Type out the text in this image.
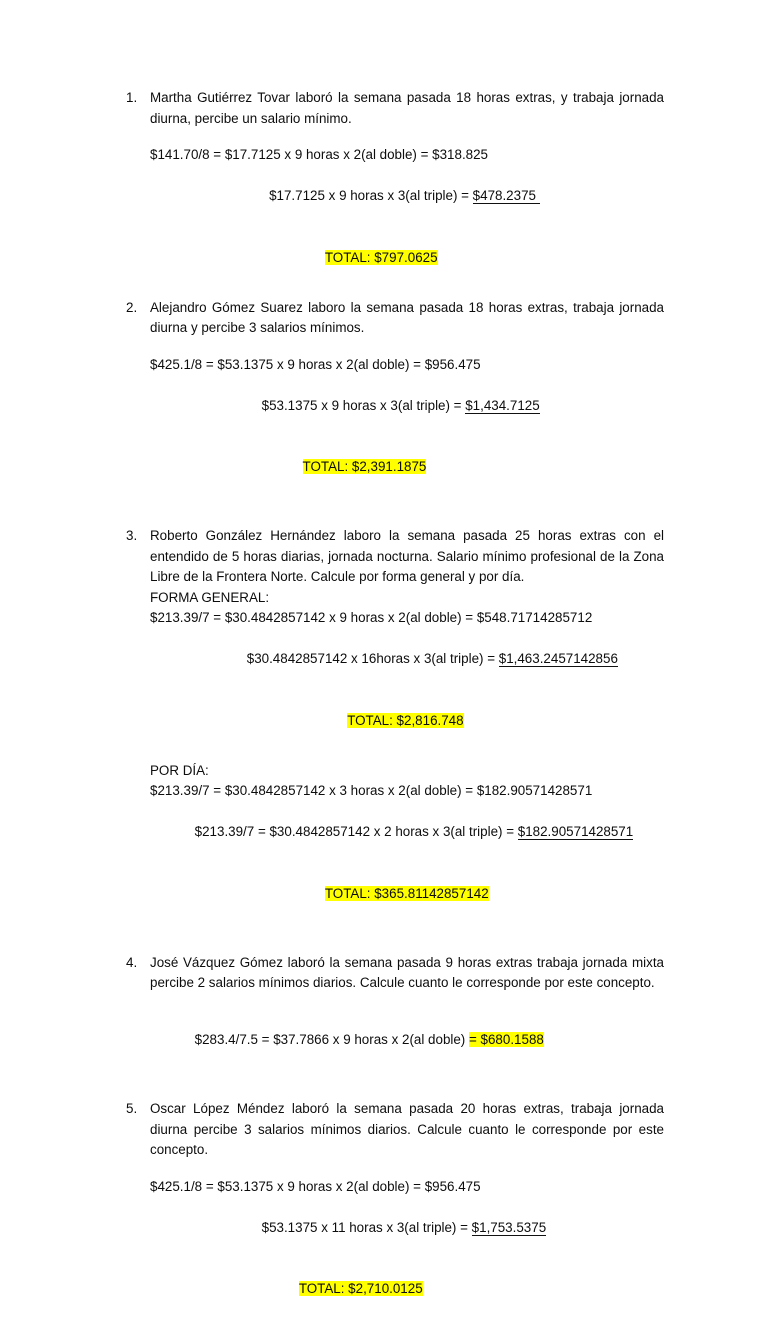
1. Martha Gutiérrez Tovar laboró la semana pasada 18 horas extras, y trabaja jornada diurna, percibe un salario mínimo.

$141.70/8 = $17.7125 x 9 horas x 2(al doble) = $318.825

$17.7125 x 9 horas x 3(al triple) = $478.2375

TOTAL: $797.0625

2. Alejandro Gómez Suarez laboro la semana pasada 18 horas extras, trabaja jornada diurna y percibe 3 salarios mínimos.

$425.1/8 = $53.1375 x 9 horas x 2(al doble) = $956.475

$53.1375 x 9 horas x 3(al triple) = $1,434.7125

TOTAL: $2,391.1875

3. Roberto González Hernández laboro la semana pasada 25 horas extras con el entendido de 5 horas diarias, jornada nocturna. Salario mínimo profesional de la Zona Libre de la Frontera Norte. Calcule por forma general y por día.

FORMA GENERAL:
$213.39/7 = $30.4842857142 x 9 horas x 2(al doble) = $548.71714285712

$30.4842857142 x 16horas x 3(al triple) = $1,463.2457142856

TOTAL: $2,816.748

POR DÍA:
$213.39/7 = $30.4842857142 x 3 horas x 2(al doble) = $182.90571428571

$213.39/7 = $30.4842857142 x 2 horas x 3(al triple) = $182.90571428571

TOTAL: $365.81142857142

4. José Vázquez Gómez laboró la semana pasada 9 horas extras trabaja jornada mixta percibe 2 salarios mínimos diarios. Calcule cuanto le corresponde por este concepto.

$283.4/7.5 = $37.7866 x 9 horas x 2(al doble) = $680.1588

5. Oscar López Méndez laboró la semana pasada 20 horas extras, trabaja jornada diurna percibe 3 salarios mínimos diarios. Calcule cuanto le corresponde por este concepto.

$425.1/8 = $53.1375 x 9 horas x 2(al doble) = $956.475

$53.1375 x 11 horas x 3(al triple) = $1,753.5375

TOTAL: $2,710.0125
